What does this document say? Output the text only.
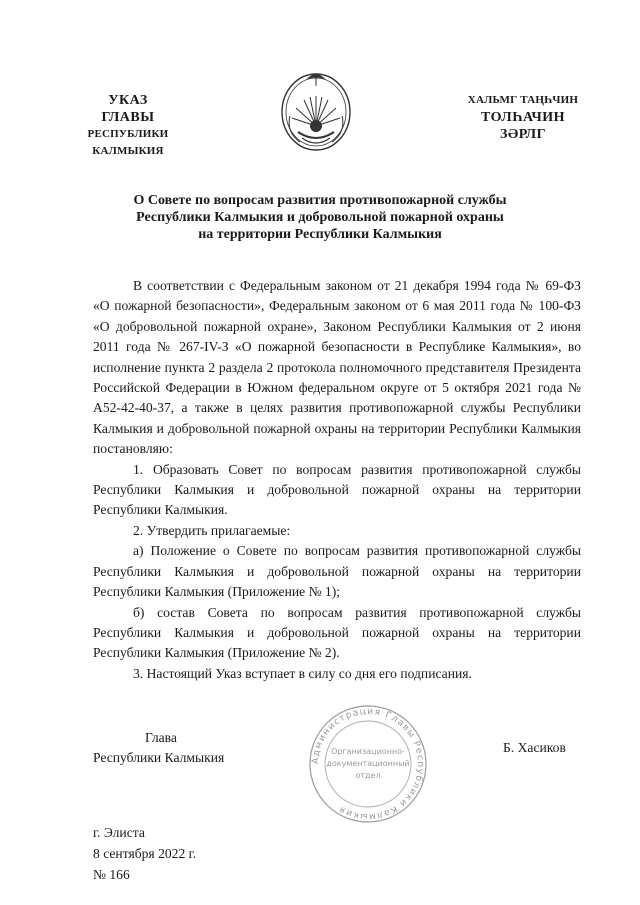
УКАЗ
ГЛАВЫ
РЕСПУБЛИКИ КАЛМЫКИЯ
ХАЛЬМГ ТАҢҺЧИН
ТОЛҺАЧИН
ЗӘРЛГ
О Совете по вопросам развития противопожарной службы
Республики Калмыкия и добровольной пожарной охраны
на территории Республики Калмыкия

В соответствии с Федеральным законом от 21 декабря 1994 года № 69-ФЗ «О пожарной безопасности», Федеральным законом от 6 мая 2011 года № 100-ФЗ «О добровольной пожарной охране», Законом Республики Калмыкия от 2 июня 2011 года № 267-IV-З «О пожарной безопасности в Республике Калмыкия», во исполнение пункта 2 раздела 2 протокола полномочного представителя Президента Российской Федерации в Южном федеральном округе от 5 октября 2021 года № А52-42-40-37, а также в целях развития противопожарной службы Республики Калмыкия и добровольной пожарной охраны на территории Республики Калмыкия постановляю:

1. Образовать Совет по вопросам развития противопожарной службы Республики Калмыкия и добровольной пожарной охраны на территории Республики Калмыкия.

2. Утвердить прилагаемые:

а) Положение о Совете по вопросам развития противопожарной службы Республики Калмыкия и добровольной пожарной охраны на территории Республики Калмыкия (Приложение № 1);

б) состав Совета по вопросам развития противопожарной службы Республики Калмыкия и добровольной пожарной охраны на территории Республики Калмыкия (Приложение № 2).

3. Настоящий Указ вступает в силу со дня его подписания.

Глава
Республики Калмыкия	Администрация Главы Республики Калмыкия
Организационно-
документационный
отдел
Б. Хасиков
г. Элиста
8 сентября 2022 г.
№ 166
